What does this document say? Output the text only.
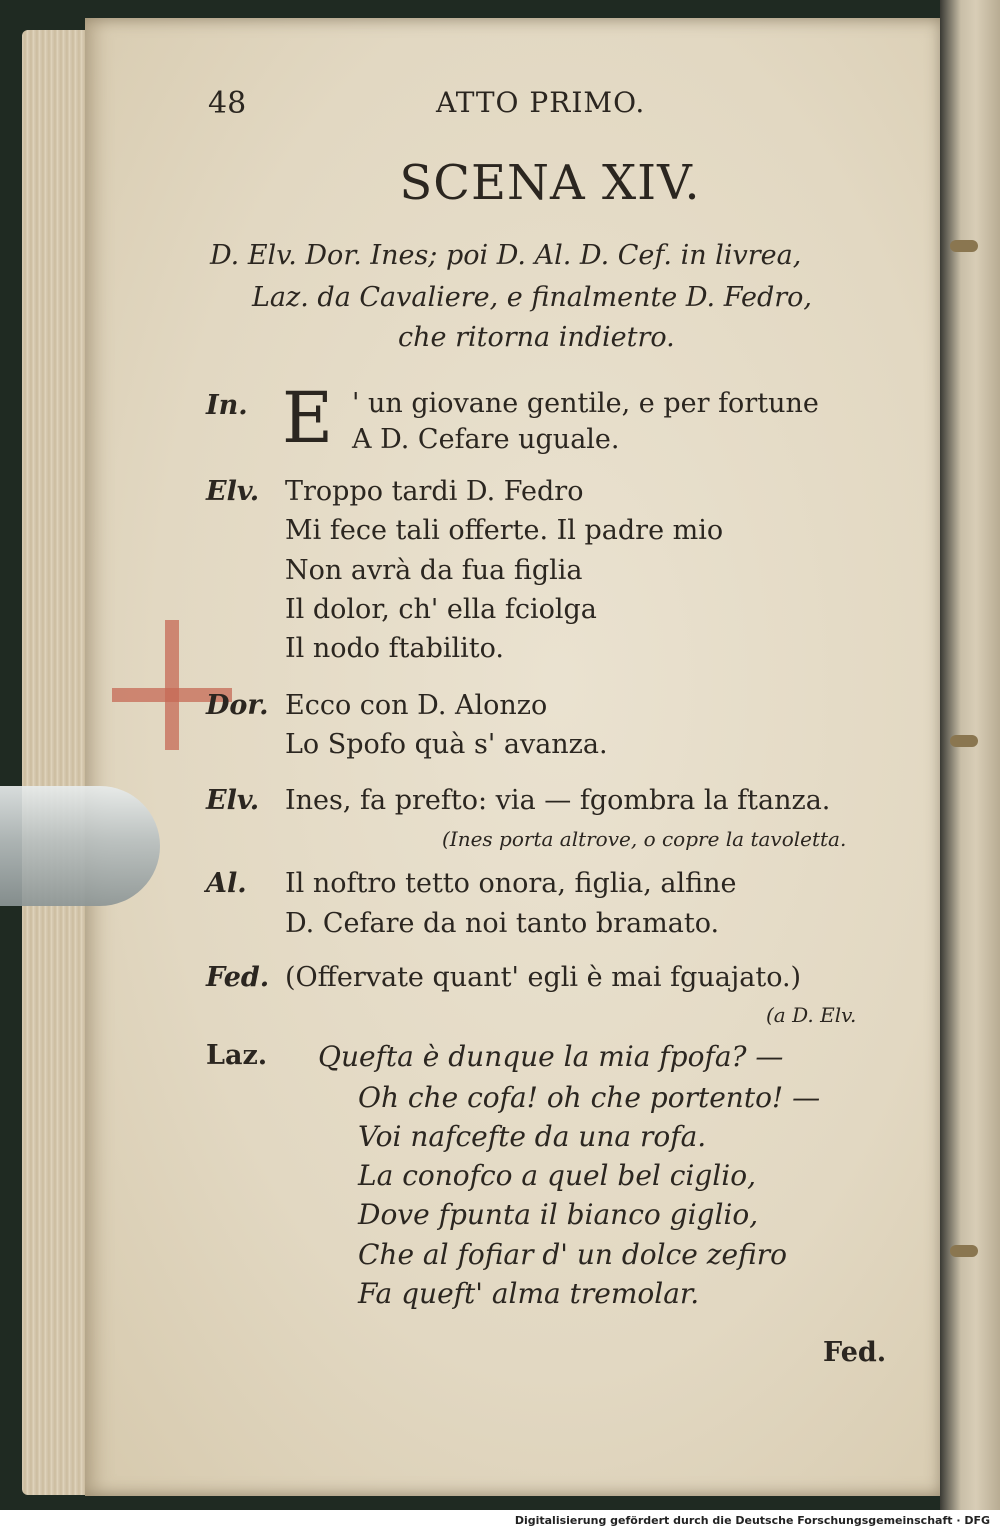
48	ATTO PRIMO.
SCENA XIV.
D. Elv. Dor. Ines; poi D. Al. D. Cef. in livrea,
Laz. da Cavaliere, e finalmente D. Fedro,
che ritorna indietro.
In. E ' un giovane gentile, e per fortune
A D. Cefare uguale.
Elv. Troppo tardi D. Fedro
Mi fece tali offerte. Il padre mio
Non avrà da fua figlia
Il dolor, ch' ella fciolga
Il nodo ftabilito.
Dor. Ecco con D. Alonzo
Lo Spofo quà s' avanza.
Elv. Ines, fa prefto: via — fgombra la ftanza.
(Ines porta altrove, o copre la tavoletta.
Al. Il noftro tetto onora, figlia, alfine
D. Cefare da noi tanto bramato.
Fed. (Offervate quant' egli è mai fguajato.)
(a D. Elv.
Laz. Quefta è dunque la mia fpofa? —
Oh che cofa! oh che portento! —
Voi nafcefte da una rofa.
La conofco a quel bel ciglio,
Dove fpunta il bianco giglio,
Che al fofiar d' un dolce zefiro
Fa queft' alma tremolar.
Fed.
Digitalisierung gefördert durch die Deutsche Forschungsgemeinschaft · DFG
